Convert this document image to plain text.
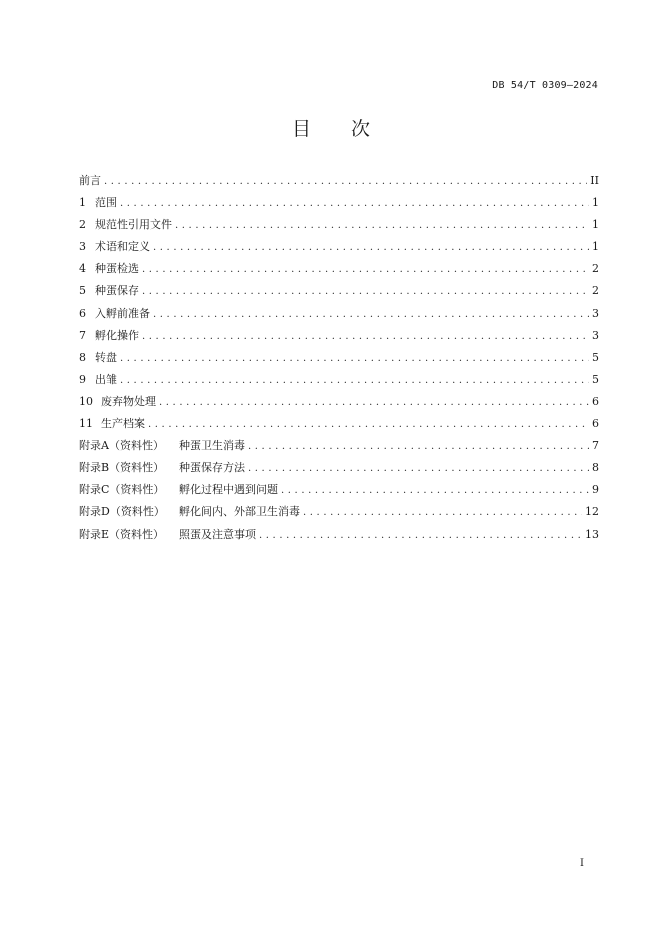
DB 54/T 0309—2024
目次
前言 .....	II
1 范围 .....	1
2 规范性引用文件 .....	1
3 术语和定义 .....	1
4 种蛋检选 .....	2
5 种蛋保存 .....	2
6 入孵前准备 .....	3
7 孵化操作 .....	3
8 转盘 .....	5
9 出雏 .....	5
10 废弃物处理 .....	6
11 生产档案 .....	6
附录A（资料性）	种蛋卫生消毒 .....	7
附录B（资料性）	种蛋保存方法 .....	8
附录C（资料性）	孵化过程中遇到问题 .....	9
附录D（资料性）	孵化间内、外部卫生消毒 .....	12
附录E（资料性）	照蛋及注意事项 .....	13
I
